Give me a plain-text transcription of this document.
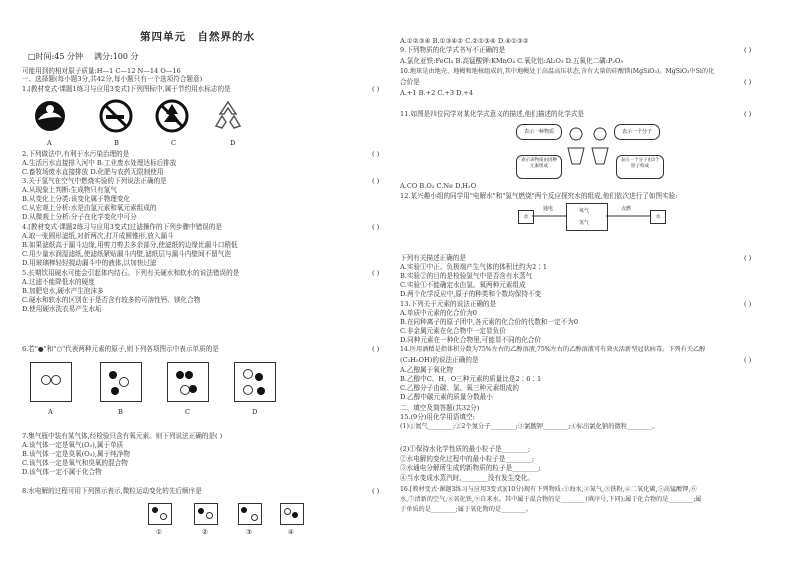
第四单元　自然界的水
□时间:45 分钟 满分:100 分
可能用到的相对原子质量:H—1 C—12 N—14 O—16
一、选择题(每小题3分,共42分,每小题只有一个选项符合题意)
1.[教材变式·课题1练习与应用3变式]下列图标中,属于节约用水标志的是	( )
A	B	C	D
2.下列做法中,有利于水污染治理的是	( )
A.生活污水直接排入河中 B.工业废水处理达标后排放
C.畜牧场废水直接排放 D.化肥与农药无限制使用
3.关于氢气在空气中燃烧实验的下列说法正确的是	( )
A.从现象上判断:生成物只有氢气
B.从变化上分类:该变化属于物理变化
C.从宏观上分析:水是由氢元素和氧元素组成的
D.从微观上分析:分子在化学变化中可分
4.[教材变式·课题2练习与应用3变式]过滤操作的下列步骤中错误的是	( )
A.取一张圆形滤纸,对折两次,打开成圆锥形,放入漏斗
B.如果滤纸高于漏斗边缘,用剪刀剪去多余部分,使滤纸的边缘比漏斗口稍低
C.用少量水润湿滤纸,使滤纸紧贴漏斗内壁,滤纸层与漏斗内壁间不留气泡
D.用玻璃棒轻轻搅动漏斗中的液体,以加快过滤
5.长期饮用硬水可能会引起体内结石。下列有关硬水和软水的说法错误的是	( )
A.过滤不能降低水的硬度
B.加肥皂水,硬水产生泡沫多
C.硬水和软水的区别在于是否含有较多的可溶性钙、镁化合物
D.使用硬水洗衣易产生水垢
6.若"●"和"○"代表两种元素的原子,则下列各项图示中表示单质的是	( )
A	B	C	D
7.集气瓶中装有某气体,经检验只含有氧元素。则下列说法正确的是( )
A.该气体一定是氧气(O₂),属于单质
B.该气体一定是臭氧(O₃),属于纯净物
C.该气体一定是氧气和臭氧的混合物
D.该气体一定不属于化合物
8.水电解的过程可用下列图示表示,微粒运动变化的先后顺序是	( )
①	②	③	④
A.①②③④ B.①③④② C.②①③④ D.④①③②
9.下列物质的化学式书写不正确的是	( )
A.氯化亚铁:FeCl₂ B.高锰酸钾:KMnO₄ C.氧化铝:Al₂O₃ D.五氧化二磷:P₂O₅
10.地球是由地壳、地幔和地核组成的,其中地幔处于高温高压状态,含有大量的硅酸镁(MgSiO₃)。MgSiO₃中Si的化
合价是	( )
A.+1 B.+2 C.+3 D.+4
11.如图是四位同学对某化学式意义的描述,他们描述的化学式是	( )
表示一种物质	表示一个分子
表示该物质由同种元素组成
表示一个分子由3个原子构成
A.CO B.O₂ C.Ne D.H₂O
12.某兴趣小组的同学用"电解水"和"氢气燃烧"两个反应探究水的组成,他们依次进行了如图实验:
水
氧气
氢气
水
通电	点燃
下列有关描述正确的是	( )
A.实验①中正、负极端产生气体的体积比约为2∶1
B.实验②的目的是检验氢气中是否含有水蒸气
C.实验①不能确定水由氢、氧两种元素组成
D.两个化学反应中,原子的种类和个数均保持不变
13.下列关于元素的说法正确的是	( )
A.单质中元素的化合价为0
B.在同种离子的原子团中,各元素的化合价的代数和一定不为0
C.非金属元素在化合物中一定显负价
D.同种元素在一种化合物里,可能显不同的化合价
14.医用酒精是指体积分数为75%左右的乙醇溶液,75%左右的乙醇溶液可有效灭活新型冠状病毒。下列有关乙醇
(C₂H₅OH)的说法正确的是	( )
A.乙醇属于氧化物
B.乙醇中C、H、O三种元素的质量比是2∶6∶1
C.乙醇分子由碳、氢、氧三种元素组成的
D.乙醇中碳元素的质量分数最小
二、填空及简答题(共32分)
15.(9分)用化学用语填空:
(1)①氮气________;②2个氮分子________;③氯酸钾________;④标出氯化钠的微粒________。
(2)①保持水化学性质的最小粒子是________;
②水电解的变化过程中的最小粒子是________;
③水通电分解所生成的新物质的粒子是________;
④当水变成水蒸汽时,________没有发生变化。
16.[教材变式·课题3练习与应用3变式](10分)现有下列物质:①海水,②氮气,③铁粉,④二氧化碳,⑤高锰酸钾,⑥
水,⑦清新的空气,⑧氧化铁,⑨自来水。其中属于混合物的是________(填序号,下同);属于化合物的是________;属
于单质的是________;属于氧化物的是________。
